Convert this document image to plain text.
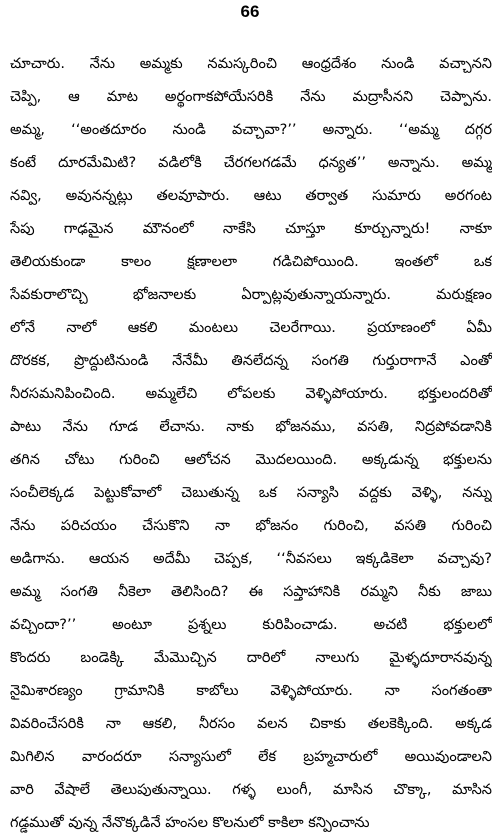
66
చూచారు. నేను అమ్మకు నమస్కరించి ఆంధ్రదేశం నుండి వచ్చానని
చెప్పి, ఆ మాట అర్థంగాకపోయేసరికి నేను మద్రాసీనని చెప్పాను.
అమ్మ, ‘‘అంతదూరం నుండి వచ్చావా?’’ అన్నారు. ‘‘అమ్మ దగ్గర
కంటే దూరమేమిటి? వడిలోకి చేరగలగడమే ధన్యత’’ అన్నాను. అమ్మ
నవ్వి, అవునన్నట్లు తలవూపారు. ఆటు తర్వాత సుమారు అరగంట
సేపు గాఢమైన మౌనంలో నాకేసి చూస్తూ కూర్చున్నారు! నాకూ
తెలియకుండా కాలం క్షణాలలా గడిచిపోయింది. ఇంతలో ఒక
సేవకురాలొచ్చి భోజనాలకు ఏర్పాట్లవుతున్నాయన్నారు. మరుక్షణం
లోనే నాలో ఆకలి మంటలు చెలరేగాయి. ప్రయాణంలో ఏమీ
దొరకక, ప్రొద్దుటినుండి నేనేమీ తినలేదన్న సంగతి గుర్తురాగానే ఎంతో
నీరసమనిపించింది. అమ్మలేచి లోపలకు వెళ్ళిపోయారు. భక్తులందరితో
పాటు నేను గూడ లేచాను. నాకు భోజనము, వసతి, నిద్రపోవడానికి
తగిన చోటు గురించి ఆలోచన మొదలయింది. అక్కడున్న భక్తులను
సంచీలెక్కడ పెట్టుకోవాలో చెబుతున్న ఒక సన్యాసి వద్దకు వెళ్ళి, నన్ను
నేను పరిచయం చేసుకొని నా భోజనం గురించి, వసతి గురించి
అడిగాను. ఆయన అదేమీ చెప్పక, ‘‘నీవసలు ఇక్కడికెలా వచ్చావు?
అమ్మ సంగతి నీకెలా తెలిసింది? ఈ సప్తాహానికి రమ్మని నీకు జాబు
వచ్చిందా?’’ అంటూ ప్రశ్నలు కురిపించాడు. అచటి భక్తులలో
కొందరు బండెక్కి మేమొచ్చిన దారిలో నాలుగు మైళ్ళదూరానవున్న
నైమిశారణ్యం గ్రామానికి కాబోలు వెళ్ళిపోయారు. నా సంగతంతా
వివరించేసరికి నా ఆకలి, నీరసం వలన చికాకు తలకెక్కింది. అక్కడ
మిగిలిన వారందరూ సన్యాసులో లేక బ్రహ్మచారులో అయివుండాలని
వారి వేషాలే తెలుపుతున్నాయి. గళ్ళ లుంగీ, మాసిన చొక్కా, మాసిన
గడ్డముతో వున్న నేనొక్కడినే హంసల కొలనులో కాకిలా కన్పించాను
